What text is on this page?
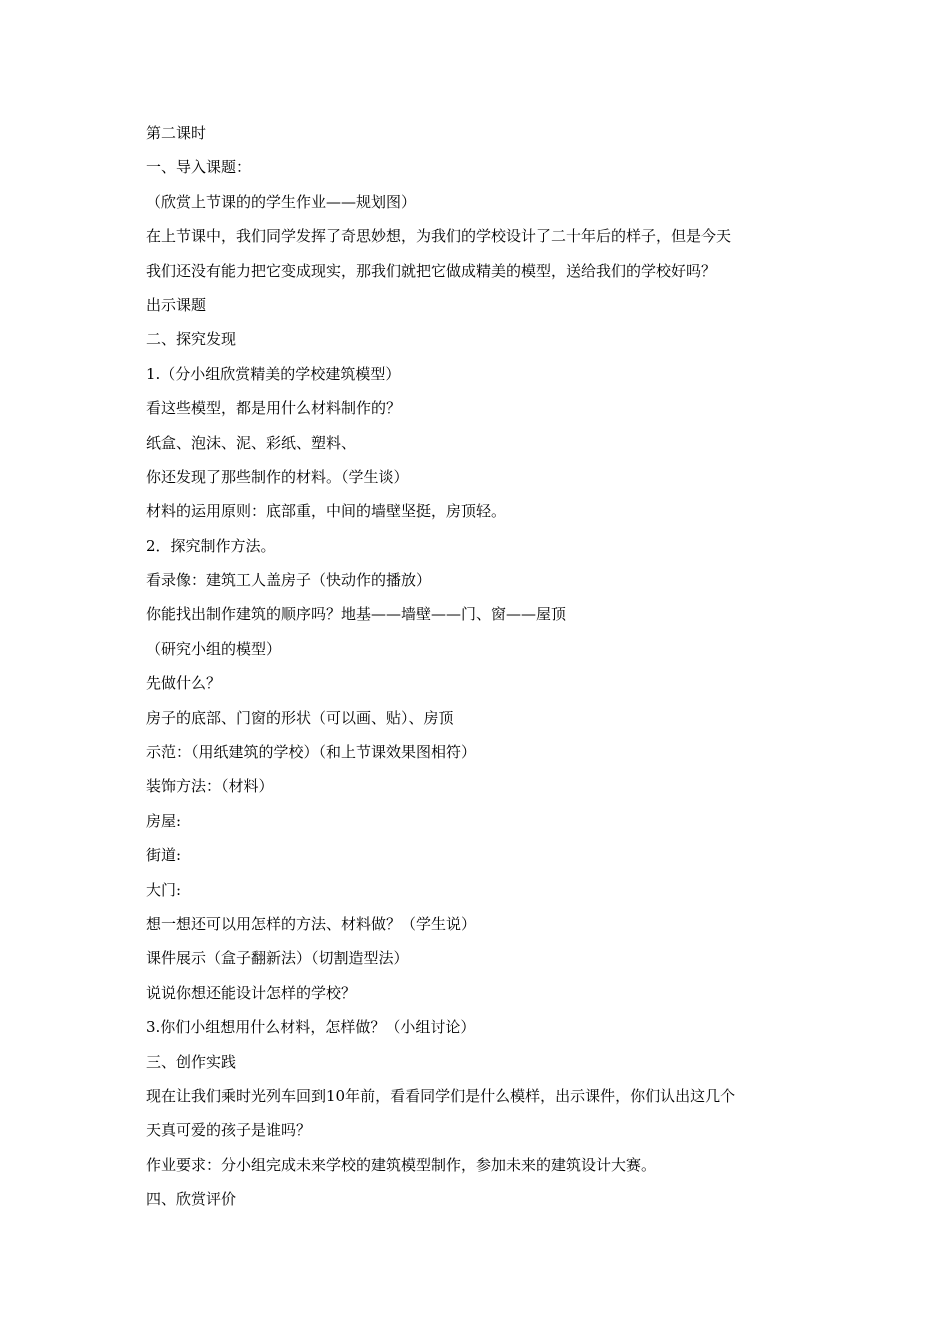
第二课时

一、导入课题：

（欣赏上节课的的学生作业——规划图）

在上节课中，我们同学发挥了奇思妙想，为我们的学校设计了二十年后的样子，但是今天

我们还没有能力把它变成现实，那我们就把它做成精美的模型，送给我们的学校好吗？

出示课题

二、探究发现

1.（分小组欣赏精美的学校建筑模型）

看这些模型，都是用什么材料制作的？

纸盒、泡沫、泥、彩纸、塑料、

你还发现了那些制作的材料。（学生谈）

材料的运用原则：底部重，中间的墙壁坚挺，房顶轻。

2．探究制作方法。

看录像：建筑工人盖房子（快动作的播放）

你能找出制作建筑的顺序吗？地基——墙壁——门、窗——屋顶

（研究小组的模型）

先做什么？

房子的底部、门窗的形状（可以画、贴）、房顶

示范：（用纸建筑的学校）（和上节课效果图相符）

装饰方法：（材料）

房屋:

街道:

大门:

想一想还可以用怎样的方法、材料做？（学生说）

课件展示（盒子翻新法）（切割造型法）

说说你想还能设计怎样的学校？

3.你们小组想用什么材料，怎样做？（小组讨论）

三、创作实践

现在让我们乘时光列车回到10年前，看看同学们是什么模样，出示课件，你们认出这几个

天真可爱的孩子是谁吗？

作业要求：分小组完成未来学校的建筑模型制作，参加未来的建筑设计大赛。

四、欣赏评价
